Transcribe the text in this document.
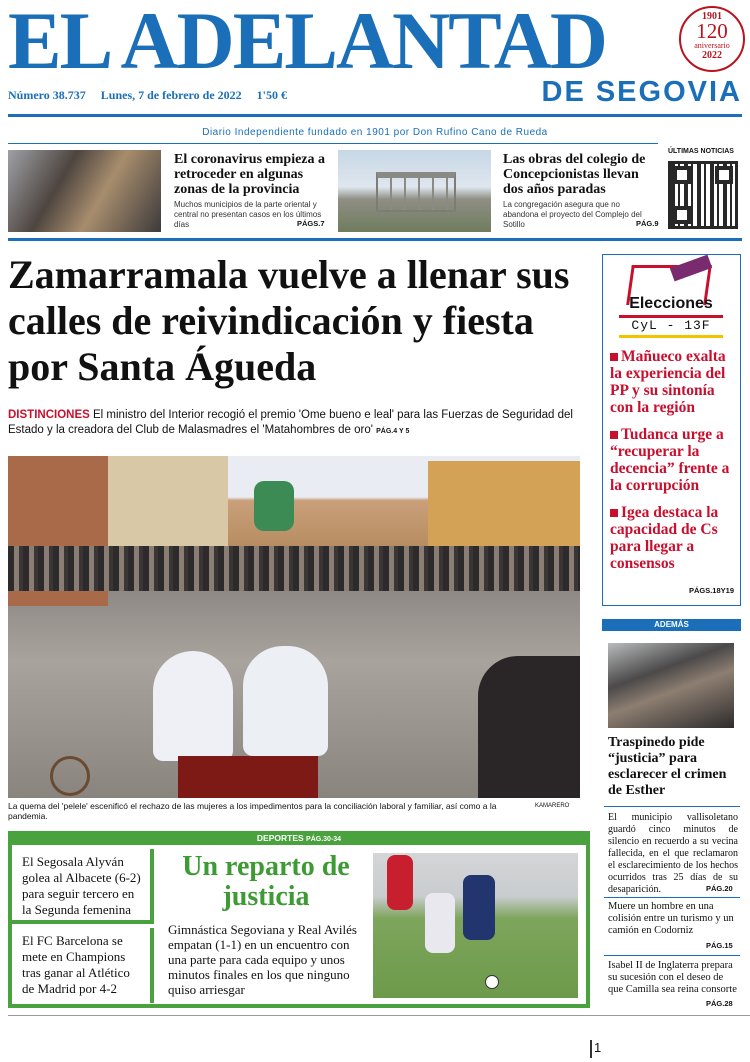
EL ADELANTAD	1901
120
aniversario
2022
Número 38.737 Lunes, 7 de febrero de 2022 1'50 €	DE SEGOVIA
Diario Independiente fundado en 1901 por Don Rufino Cano de Rueda
El coronavirus empieza a retroceder en algunas zonas de la provincia
Muchos municipios de la parte oriental y central no presentan casos en los últimos días	PÁGS.7
Las obras del colegio de Concepcionistas llevan dos años paradas
La congregación asegura que no abandona el proyecto del Complejo del Sotillo	PÁG.9
ÚLTIMAS NOTICIAS
Zamarramala vuelve a llenar sus calles de reivindicación y fiesta por Santa Águeda
DISTINCIONES El ministro del Interior recogió el premio 'Ome bueno e leal' para las Fuerzas de Seguridad del Estado y la creadora del Club de Malasmadres el 'Matahombres de oro' PÁG.4 Y 5
La quema del 'pelele' escenificó el rechazo de las mujeres a los impedimentos para la conciliación laboral y familiar, así como a la pandemia.
KAMARERO
Elecciones
CyL - 13F
Mañueco exalta la experiencia del PP y su sintonía con la región
Tudanca urge a “recuperar la decencia” frente a la corrupción
Igea destaca la capacidad de Cs para llegar a consensos
PÁGS.18Y19
ADEMÁS
Traspinedo pide “justicia” para esclarecer el crimen de Esther
El municipio vallisoletano guardó cinco minutos de silencio en recuerdo a su vecina fallecida, en el que reclamaron el esclarecimiento de los hechos ocurridos tras 25 días de su desaparición.	PÁG.20
Muere un hombre en una colisión entre un turismo y un camión en Codorniz
PÁG.15
Isabel II de Inglaterra prepara su sucesión con el deseo de que Camilla sea reina consorte
PÁG.28
DEPORTES PÁG.30-34
El Segosala Alyván golea al Albacete (6-2) para seguir tercero en la Segunda femenina
El FC Barcelona se mete en Champions tras ganar al Atlético de Madrid por 4-2
Un reparto de justicia
Gimnástica Segoviana y Real Avilés empatan (1-1) en un encuentro con una parte para cada equipo y unos minutos finales en los que ninguno quiso arriesgar
1
